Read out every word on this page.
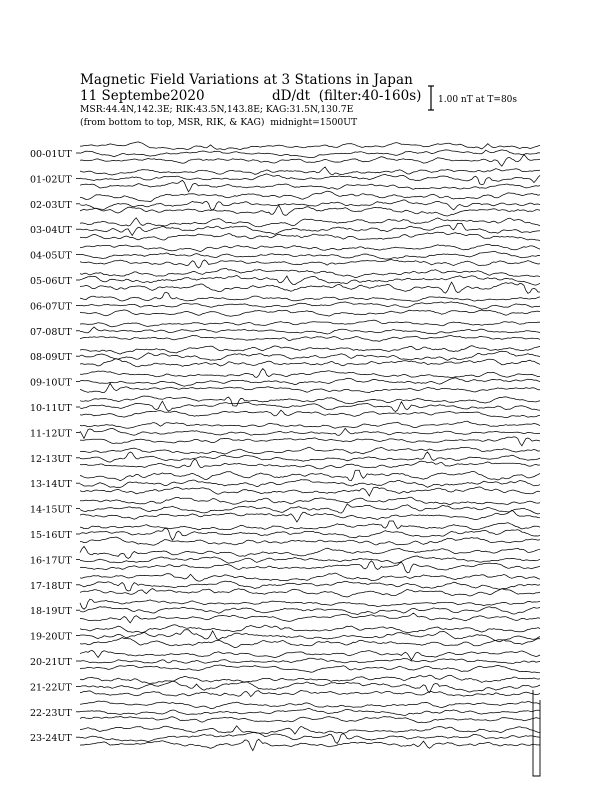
Magnetic Field Variations at 3 Stations in Japan
11 Septembe2020	dD/dt (filter:40-160s)
MSR:44.4N,142.3E; RIK:43.5N,143.8E; KAG:31.5N,130.7E
(from bottom to top, MSR, RIK, & KAG) midnight=1500UT
1.00 nT at T=80s
00-01UT
01-02UT
02-03UT
03-04UT
04-05UT
05-06UT
06-07UT
07-08UT
08-09UT
09-10UT
10-11UT
11-12UT
12-13UT
13-14UT
14-15UT
15-16UT
16-17UT
17-18UT
18-19UT
19-20UT
20-21UT
21-22UT
22-23UT
23-24UT
